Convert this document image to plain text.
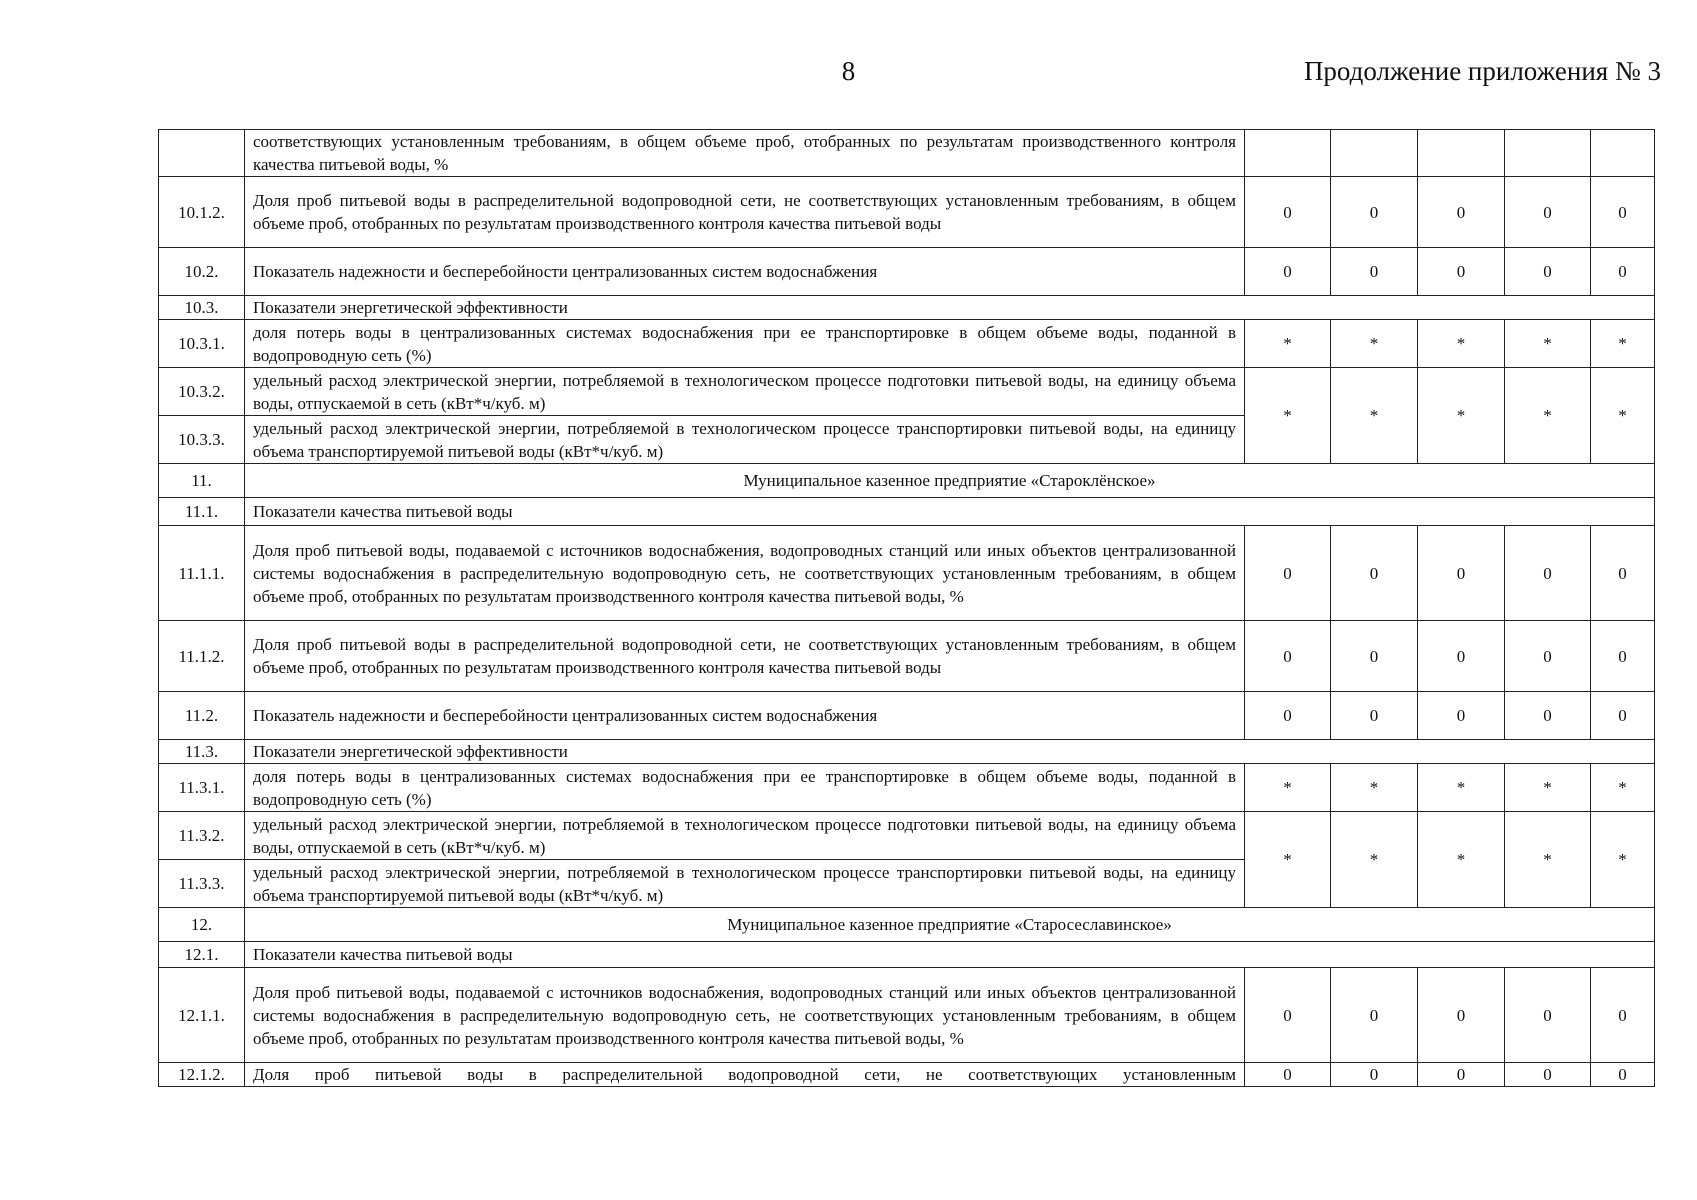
8	Продолжение приложения № 3
	соответствующих установленным требованиям, в общем объеме проб, отобранных по результатам производственного контроля качества питьевой воды, %					
10.1.2.	Доля проб питьевой воды в распределительной водопроводной сети, не соответствующих установленным требованиям, в общем объеме проб, отобранных по результатам производственного контроля качества питьевой воды	0	0	0	0	0
10.2.	Показатель надежности и бесперебойности централизованных систем водоснабжения	0	0	0	0	0
10.3.	Показатели энергетической эффективности					
10.3.1.	доля потерь воды в централизованных системах водоснабжения при ее транспортировке в общем объеме воды, поданной в водопроводную сеть (%)	*	*	*	*	*
10.3.2.	удельный расход электрической энергии, потребляемой в технологическом процессе подготовки питьевой воды, на единицу объема воды, отпускаемой в сеть (кВт*ч/куб. м)	*	*	*	*	*
10.3.3.	удельный расход электрической энергии, потребляемой в технологическом процессе транспортировки питьевой воды, на единицу объема транспортируемой питьевой воды (кВт*ч/куб. м)					
11.	Муниципальное казенное предприятие «Староклёнское»					
11.1.	Показатели качества питьевой воды					
11.1.1.	Доля проб питьевой воды, подаваемой с источников водоснабжения, водопроводных станций или иных объектов централизованной системы водоснабжения в распределительную водопроводную сеть, не соответствующих установленным требованиям, в общем объеме проб, отобранных по результатам производственного контроля качества питьевой воды, %	0	0	0	0	0
11.1.2.	Доля проб питьевой воды в распределительной водопроводной сети, не соответствующих установленным требованиям, в общем объеме проб, отобранных по результатам производственного контроля качества питьевой воды	0	0	0	0	0
11.2.	Показатель надежности и бесперебойности централизованных систем водоснабжения	0	0	0	0	0
11.3.	Показатели энергетической эффективности					
11.3.1.	доля потерь воды в централизованных системах водоснабжения при ее транспортировке в общем объеме воды, поданной в водопроводную сеть (%)	*	*	*	*	*
11.3.2.	удельный расход электрической энергии, потребляемой в технологическом процессе подготовки питьевой воды, на единицу объема воды, отпускаемой в сеть (кВт*ч/куб. м)	*	*	*	*	*
11.3.3.	удельный расход электрической энергии, потребляемой в технологическом процессе транспортировки питьевой воды, на единицу объема транспортируемой питьевой воды (кВт*ч/куб. м)					
12.	Муниципальное казенное предприятие «Старосеславинское»					
12.1.	Показатели качества питьевой воды					
12.1.1.	Доля проб питьевой воды, подаваемой с источников водоснабжения, водопроводных станций или иных объектов централизованной системы водоснабжения в распределительную водопроводную сеть, не соответствующих установленным требованиям, в общем объеме проб, отобранных по результатам производственного контроля качества питьевой воды, %	0	0	0	0	0
12.1.2.	Доля проб питьевой воды в распределительной водопроводной сети, не соответствующих установленным	0	0	0	0	0
